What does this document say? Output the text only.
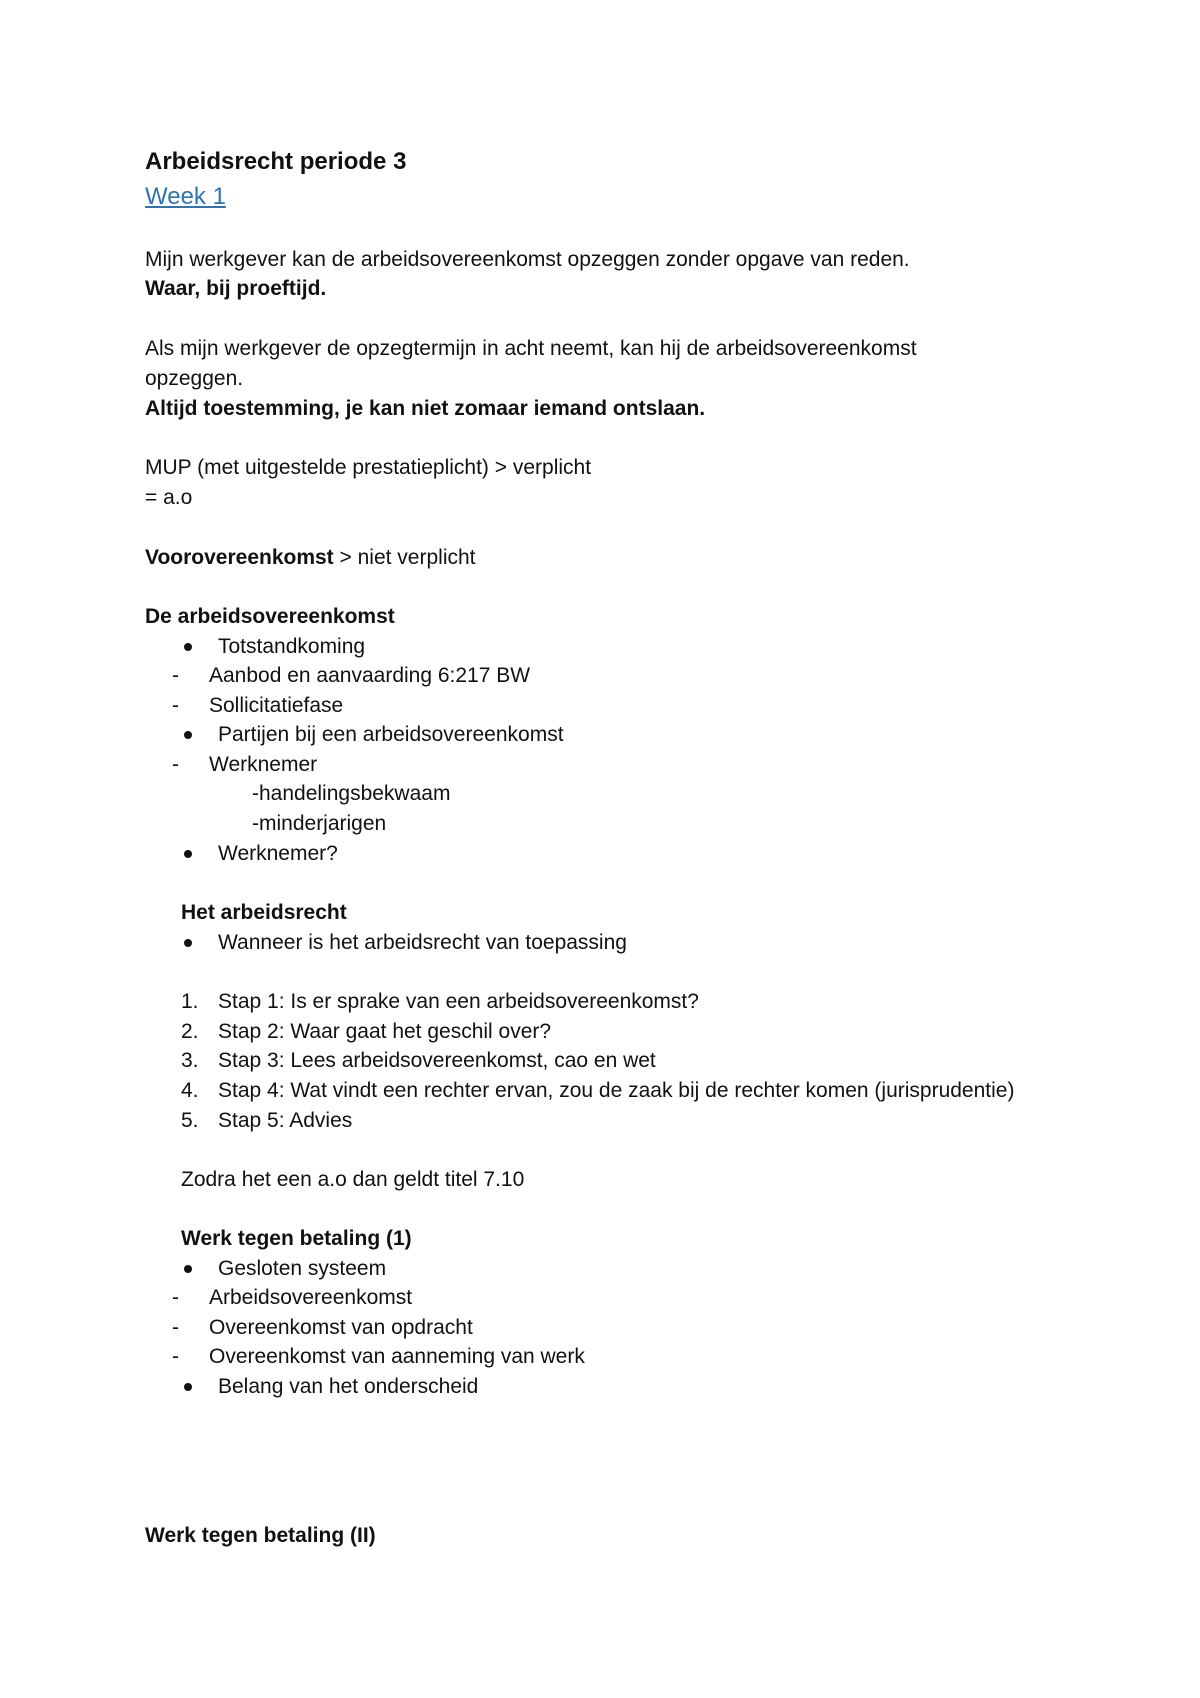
Arbeidsrecht periode 3
Week 1
Mijn werkgever kan de arbeidsovereenkomst opzeggen zonder opgave van reden.
Waar, bij proeftijd.
Als mijn werkgever de opzegtermijn in acht neemt, kan hij de arbeidsovereenkomst
opzeggen.
Altijd toestemming, je kan niet zomaar iemand ontslaan.
MUP (met uitgestelde prestatieplicht) > verplicht
= a.o
Voorovereenkomst > niet verplicht
De arbeidsovereenkomst
Totstandkoming
- Aanbod en aanvaarding 6:217 BW
- Sollicitatiefase
Partijen bij een arbeidsovereenkomst
- Werknemer
-handelingsbekwaam
-minderjarigen
Werknemer?
Het arbeidsrecht
Wanneer is het arbeidsrecht van toepassing
1. Stap 1: Is er sprake van een arbeidsovereenkomst?
2. Stap 2: Waar gaat het geschil over?
3. Stap 3: Lees arbeidsovereenkomst, cao en wet
4. Stap 4: Wat vindt een rechter ervan, zou de zaak bij de rechter komen (jurisprudentie)
5. Stap 5: Advies
Zodra het een a.o dan geldt titel 7.10
Werk tegen betaling (1)
Gesloten systeem
- Arbeidsovereenkomst
- Overeenkomst van opdracht
- Overeenkomst van aanneming van werk
Belang van het onderscheid
Werk tegen betaling (II)
